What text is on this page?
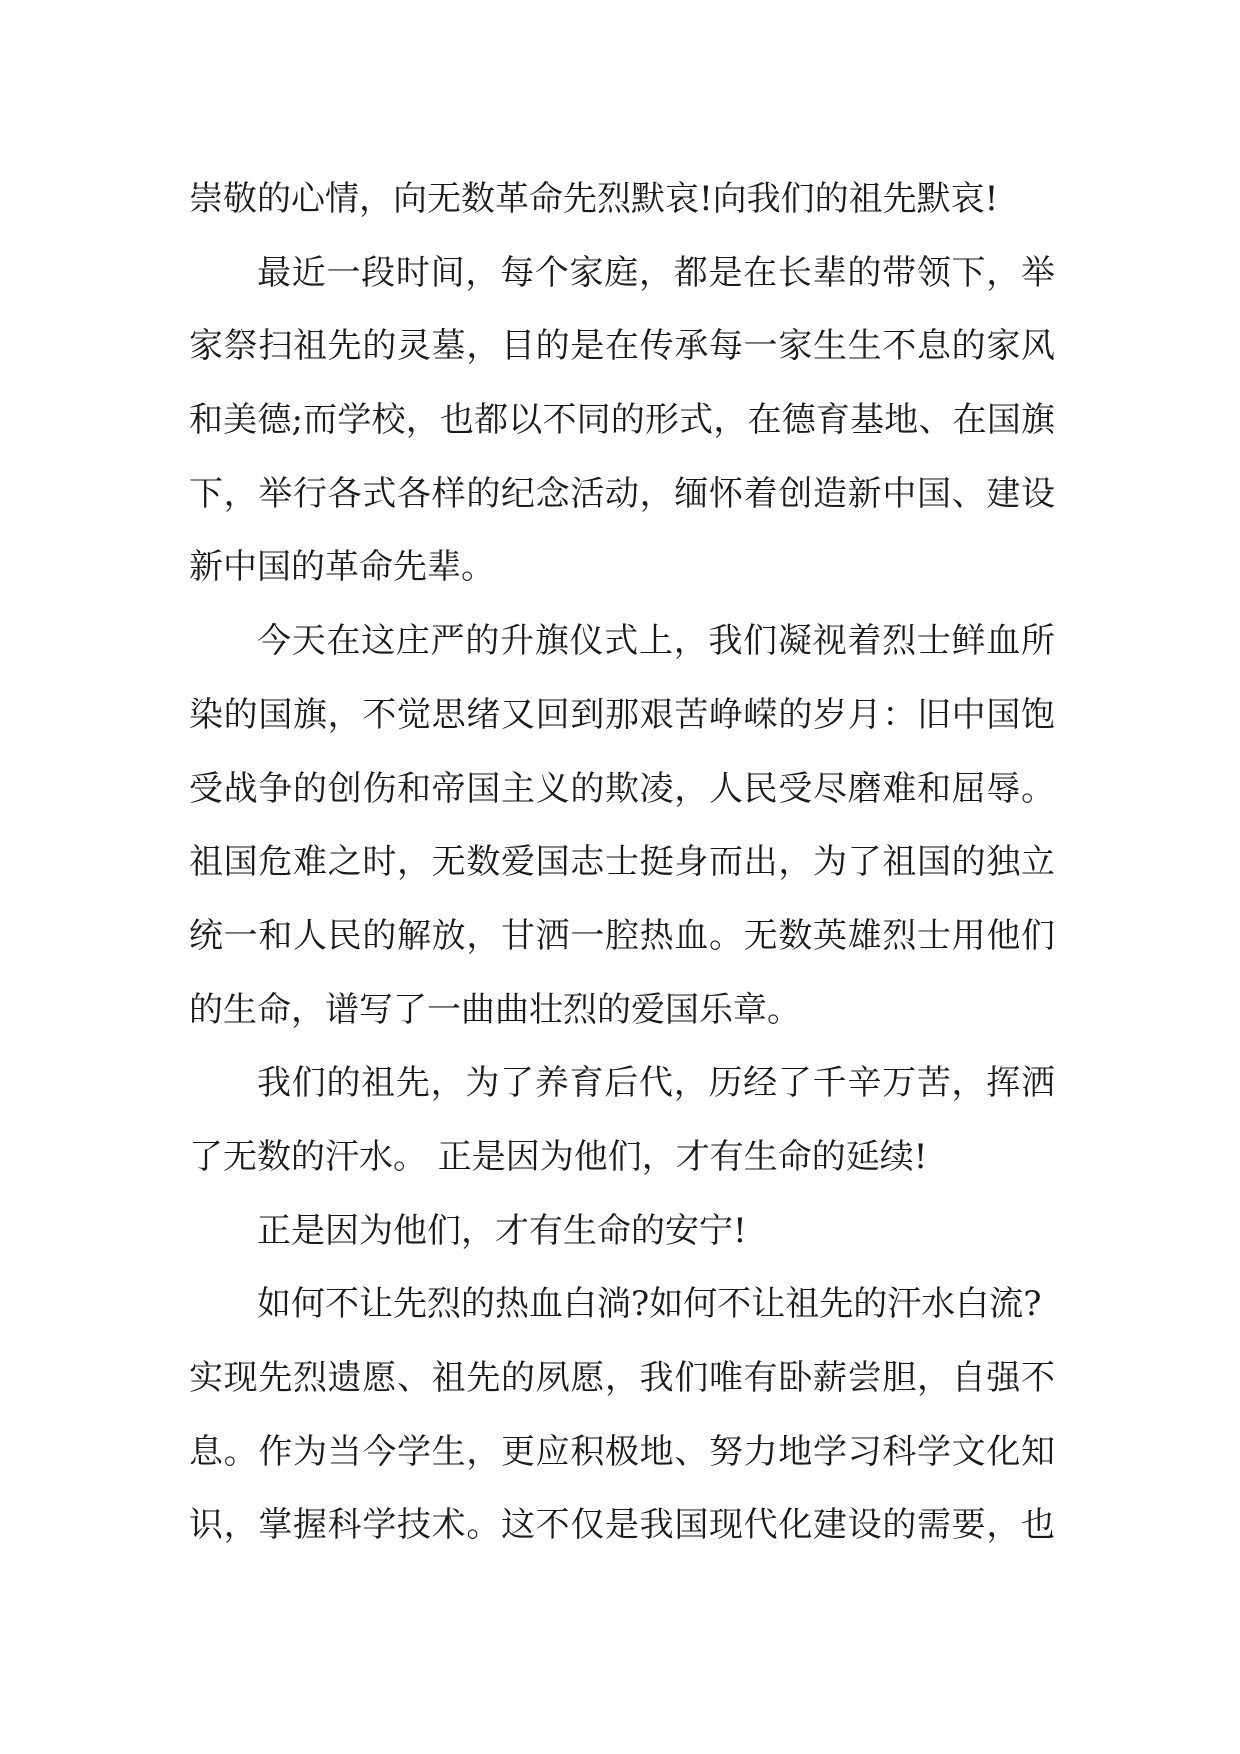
崇敬的心情，向无数革命先烈默哀!向我们的祖先默哀!
最近一段时间，每个家庭，都是在长辈的带领下，举
家祭扫祖先的灵墓，目的是在传承每一家生生不息的家风
和美德;而学校，也都以不同的形式，在德育基地、在国旗
下，举行各式各样的纪念活动，缅怀着创造新中国、建设
新中国的革命先辈。
今天在这庄严的升旗仪式上，我们凝视着烈士鲜血所
染的国旗，不觉思绪又回到那艰苦峥嵘的岁月：旧中国饱
受战争的创伤和帝国主义的欺凌，人民受尽磨难和屈辱。
祖国危难之时，无数爱国志士挺身而出，为了祖国的独立
统一和人民的解放，甘洒一腔热血。无数英雄烈士用他们
的生命，谱写了一曲曲壮烈的爱国乐章。
我们的祖先，为了养育后代，历经了千辛万苦，挥洒
了无数的汗水。 正是因为他们，才有生命的延续!
正是因为他们，才有生命的安宁!
如何不让先烈的热血白淌?如何不让祖先的汗水白流?
实现先烈遗愿、祖先的夙愿，我们唯有卧薪尝胆，自强不
息。作为当今学生，更应积极地、努力地学习科学文化知
识，掌握科学技术。这不仅是我国现代化建设的需要，也
